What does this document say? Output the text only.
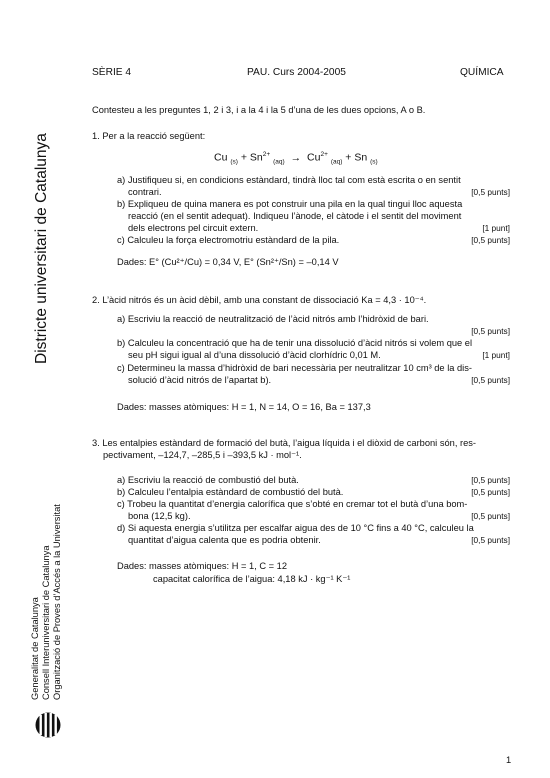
SÈRIE 4	PAU. Curs 2004-2005	QUÍMICA
Districte universitari de Catalunya
Generalitat de Catalunya Consell Interuniversitari de Catalunya Organització de Proves d’Accés a la Universitat
Contesteu a les preguntes 1, 2 i 3, i a la 4 i la 5 d’una de les dues opcions, A o B.
1. Per a la reacció següent:
Cu $_{(s)} + Sn^{2+}$ $_{(aq)} \to Cu^{2+}$ $_{(aq)}$ + Sn $_{(s)}$
a) Justifiqueu si, en condicions estàndard, tindrà lloc tal com està escrita o en sentit
contrari.	[0,5 punts]
b) Expliqueu de quina manera es pot construir una pila en la qual tingui lloc aquesta
reacció (en el sentit adequat). Indiqueu l’ànode, el càtode i el sentit del moviment
dels electrons pel circuit extern.	[1 punt]
c) Calculeu la força electromotriu estàndard de la pila.	[0,5 punts]
Dades: E° (Cu²⁺/Cu) = 0,34 V, E° (Sn²⁺/Sn) = –0,14 V
2. L’àcid nitrós és un àcid dèbil, amb una constant de dissociació Ka = 4,3 · 10⁻⁴.
a) Escriviu la reacció de neutralització de l’àcid nitrós amb l’hidròxid de bari.
[0,5 punts]
b) Calculeu la concentració que ha de tenir una dissolució d’àcid nitrós si volem que el
seu pH sigui igual al d’una dissolució d’àcid clorhídric 0,01 M.	[1 punt]
c) Determineu la massa d’hidròxid de bari necessària per neutralitzar 10 cm³ de la dis-
solució d’àcid nitrós de l’apartat b).	[0,5 punts]
Dades: masses atòmiques: H = 1, N = 14, O = 16, Ba = 137,3
3. Les entalpies estàndard de formació del butà, l’aigua líquida i el diòxid de carboni són, res-
pectivament, –124,7, –285,5 i –393,5 kJ · mol⁻¹.
a) Escriviu la reacció de combustió del butà.	[0,5 punts]
b) Calculeu l’entalpia estàndard de combustió del butà.	[0,5 punts]
c) Trobeu la quantitat d’energia calorífica que s’obté en cremar tot el butà d’una bom-
bona (12,5 kg).	[0,5 punts]
d) Si aquesta energia s’utilitza per escalfar aigua des de 10 °C fins a 40 °C, calculeu la
quantitat d’aigua calenta que es podria obtenir.	[0,5 punts]
Dades: masses atòmiques: H = 1, C = 12
capacitat calorífica de l’aigua: 4,18 kJ · kg⁻¹ K⁻¹
1
